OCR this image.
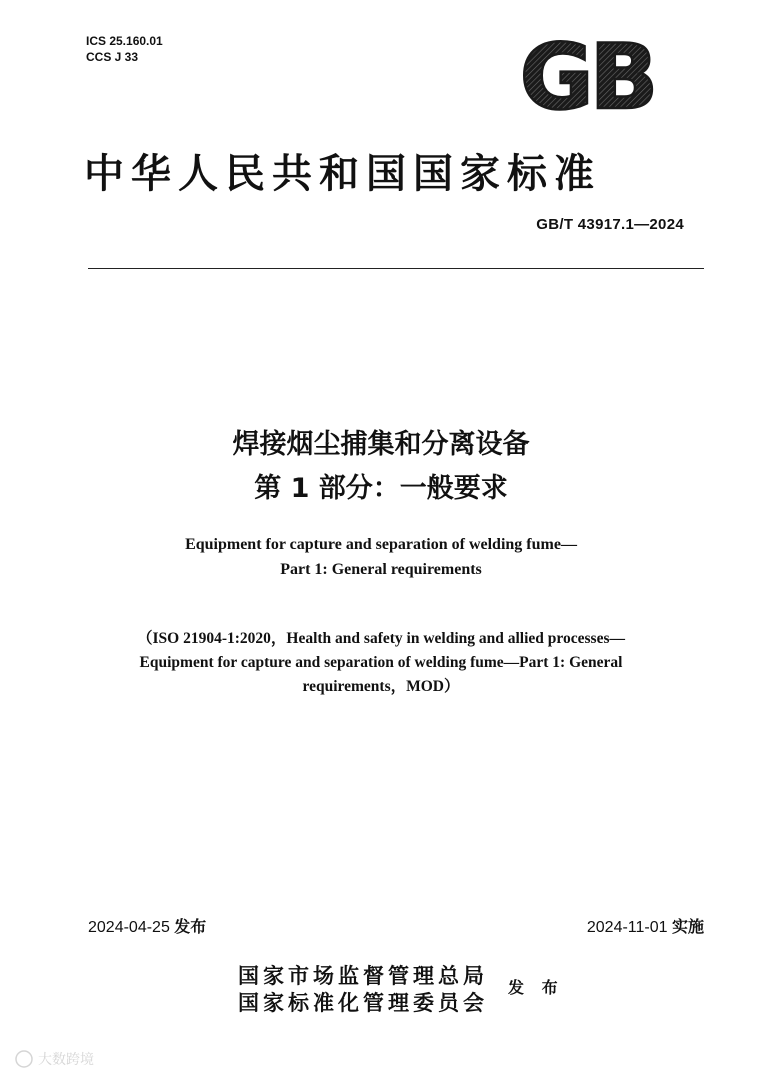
ICS 25.160.01
CCS J 33	GB
中华人民共和国国家标准
GB/T 43917.1—2024
焊接烟尘捕集和分离设备
第 1 部分：一般要求
Equipment for capture and separation of welding fume—
Part 1: General requirements
（ISO 21904-1:2020，Health and safety in welding and allied processes—
Equipment for capture and separation of welding fume—Part 1: General
requirements，MOD）
2024-04-25 发布	2024-11-01 实施
国家市场监督管理总局
国家标准化管理委员会
发 布
大数跨境
